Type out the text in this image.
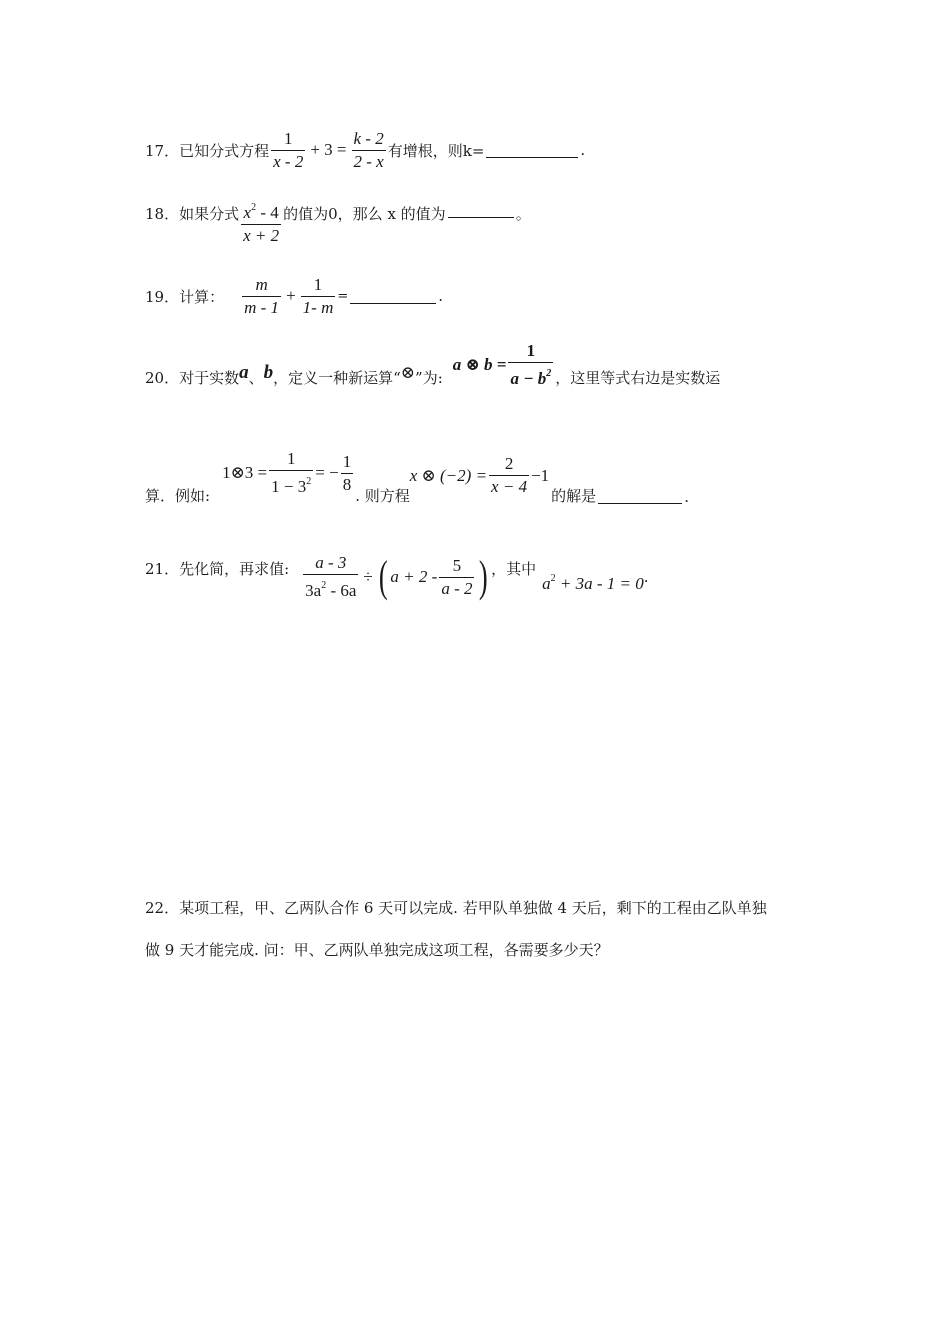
17． 已知分式方程 $\frac{1}{x - 2} + 3 = \frac{k - 2}{2 - x}$ 有增根，则k=	.
18． 如果分式 $\frac{x^2 - 4}{x + 2}$ 的值为0，那么 x 的值为	。
19． 计算： $\frac{m}{m - 1} + \frac{1}{1- m}$ =	.
20． 对于实数 a 、 b ，定义一种新运算“ ⊗ ”为:
a ⊗ $b = \frac{1}{a - b^2}$ ，这里等式右边是实数运
算．例如:
1⊗3 = $\frac{1}{1 - 3^2}$ = − $\frac{1}{8}$
. 则方程
x ⊗ $(-2) = \frac{2}{x - 4} -1$
的解是	.
21． 先化简，再求值: $\frac{a - 3}{3a^2 - 6a}$ ÷ ( $a + 2 - \frac{5}{a - 2}$ ) ，其中
$a^2 + 3a - 1 = 0$ .
22．某项工程，甲、乙两队合作 6 天可以完成. 若甲队单独做 4 天后，剩下的工程由乙队单独
做 9 天才能完成. 问：甲、乙两队单独完成这项工程，各需要多少天？
